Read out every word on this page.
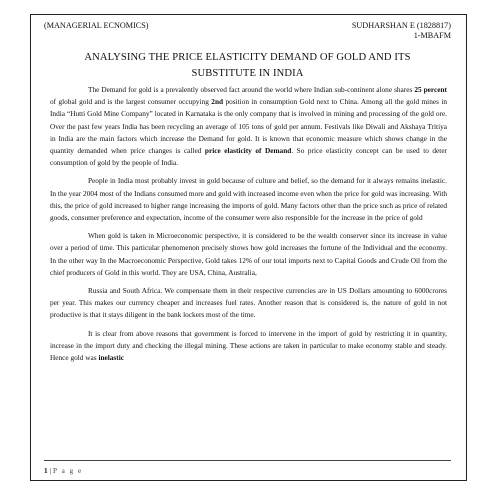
(MANAGERIAL ECNOMICS)	SUDHARSHAN E (1828817)
1-MBAFM
ANALYSING THE PRICE ELASTICITY DEMAND OF GOLD AND ITS
SUBSTITUTE IN INDIA

The Demand for gold is a prevalently observed fact around the world where Indian sub-continent alone shares 25 percent of global gold and is the largest consumer occupying 2nd position in consumption Gold next to China. Among all the gold mines in India “Hutti Gold Mine Company” located in Karnataka is the only company that is involved in mining and processing of the gold ore. Over the past few years India has been recycling an average of 105 tons of gold per annum. Festivals like Diwali and Akshaya Tritiya in India are the main factors which increase the Demand for gold. It is known that economic measure which shows change in the quantity demanded when price changes is called price elasticity of Demand. So price elasticity concept can be used to deter consumption of gold by the people of India.

People in India most probably invest in gold because of culture and belief, so the demand for it always remains inelastic. In the year 2004 most of the Indians consumed more and gold with increased income even when the price for gold was increasing. With this, the price of gold increased to higher range increasing the imports of gold. Many factors other than the price such as price of related goods, consumer preference and expectation, income of the consumer were also responsible for the increase in the price of gold

When gold is taken in Microeconomic perspective, it is considered to be the wealth conserver since its increase in value over a period of time. This particular phenomenon precisely shows how gold increases the fortune of the Individual and the economy. In the other way In the Macroeconomic Perspective, Gold takes 12% of our total imports next to Capital Goods and Crude Oil from the chief producers of Gold in this world. They are USA, China, Australia,

Russia and South Africa. We compensate them in their respective currencies are in US Dollars amounting to 6000crores per year. This makes our currency cheaper and increases fuel rates. Another reason that is considered is, the nature of gold in not productive is that it stays diligent in the bank lockers most of the time.

It is clear from above reasons that government is forced to intervene in the import of gold by restricting it in quantity, increase in the import duty and checking the illegal mining. These actions are taken in particular to make economy stable and steady. Hence gold was inelastic

1 | P a g e
